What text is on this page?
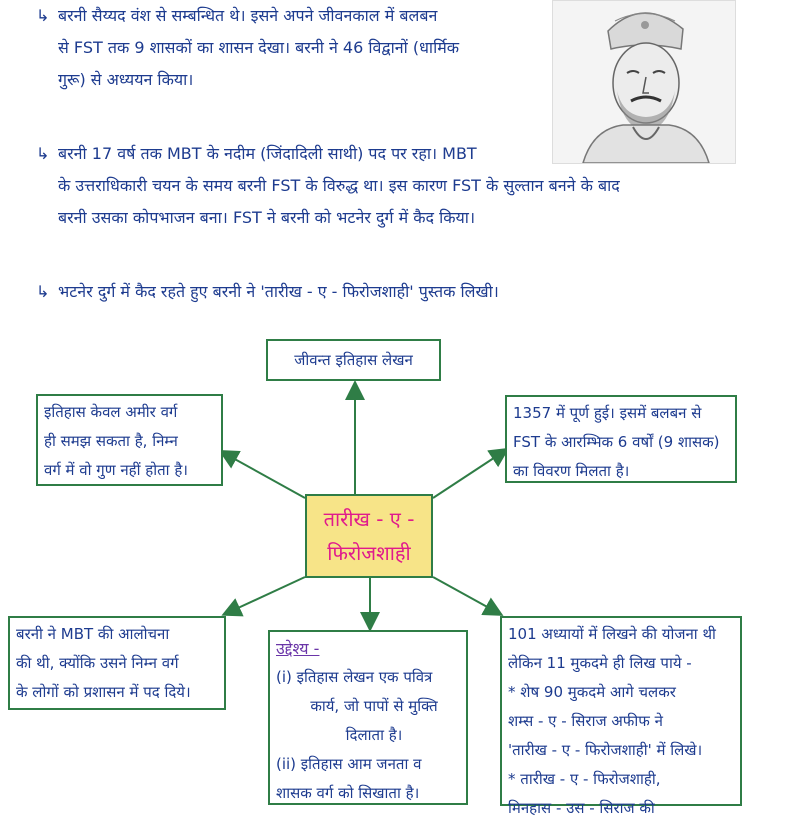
↳ बरनी सैय्यद वंश से सम्बन्धित थे। इसने अपने जीवनकाल में बलबन
से FST तक 9 शासकों का शासन देखा। बरनी ने 46 विद्वानों (धार्मिक
गुरू) से अध्ययन किया।
↳ बरनी 17 वर्ष तक MBT के नदीम (जिंदादिली साथी) पद पर रहा। MBT
के उत्तराधिकारी चयन के समय बरनी FST के विरुद्ध था। इस कारण FST के सुल्तान बनने के बाद
बरनी उसका कोपभाजन बना। FST ने बरनी को भटनेर दुर्ग में कैद किया।
↳ भटनेर दुर्ग में कैद रहते हुए बरनी ने 'तारीख - ए - फिरोजशाही' पुस्तक लिखी।
जीवन्त इतिहास लेखन
इतिहास केवल अमीर वर्ग
ही समझ सकता है, निम्न
वर्ग में वो गुण नहीं होता है।
1357 में पूर्ण हुई। इसमें बलबन से
FST के आरम्भिक 6 वर्षों (9 शासक)
का विवरण मिलता है।
तारीख - ए -
फिरोजशाही
बरनी ने MBT की आलोचना
की थी, क्योंकि उसने निम्न वर्ग
के लोगों को प्रशासन में पद दिये।
उद्देश्य -
(i) इतिहास लेखन एक पवित्र
कार्य, जो पापों से मुक्ति
दिलाता है।
(ii) इतिहास आम जनता व
शासक वर्ग को सिखाता है।
101 अध्यायों में लिखने की योजना थी
लेकिन 11 मुकदमे ही लिख पाये -
* शेष 90 मुकदमे आगे चलकर
शम्स - ए - सिराज अफीफ ने
'तारीख - ए - फिरोजशाही' में लिखे।
* तारीख - ए - फिरोजशाही,
मिनहास - उस - सिराज की
